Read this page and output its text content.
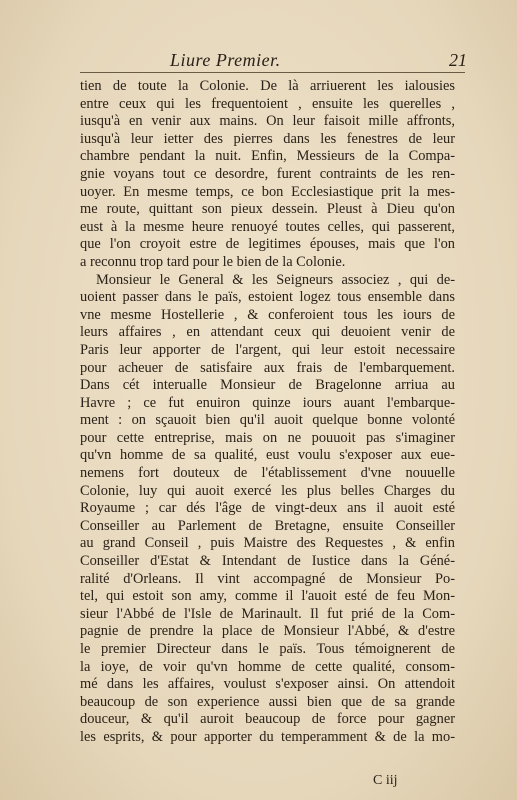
Liure Premier.	21
tien de toute la Colonie. De là arriuerent les ialousies
entre ceux qui les frequentoient , ensuite les querelles ,
iusqu'à en venir aux mains. On leur faisoit mille affronts,
iusqu'à leur ietter des pierres dans les fenestres de leur
chambre pendant la nuit. Enfin, Messieurs de la Compa-
gnie voyans tout ce desordre, furent contraints de les ren-
uoyer. En mesme temps, ce bon Ecclesiastique prit la mes-
me route, quittant son pieux dessein. Pleust à Dieu qu'on
eust à la mesme heure renuoyé toutes celles, qui passerent,
que l'on croyoit estre de legitimes épouses, mais que l'on
a reconnu trop tard pour le bien de la Colonie.
Monsieur le General & les Seigneurs associez , qui de-
uoient passer dans le païs, estoient logez tous ensemble dans
vne mesme Hostellerie , & conferoient tous les iours de
leurs affaires , en attendant ceux qui deuoient venir de
Paris leur apporter de l'argent, qui leur estoit necessaire
pour acheuer de satisfaire aux frais de l'embarquement.
Dans cét interualle Monsieur de Bragelonne arriua au
Havre ; ce fut enuiron quinze iours auant l'embarque-
ment : on sçauoit bien qu'il auoit quelque bonne volonté
pour cette entreprise, mais on ne pouuoit pas s'imaginer
qu'vn homme de sa qualité, eust voulu s'exposer aux eue-
nemens fort douteux de l'établissement d'vne nouuelle
Colonie, luy qui auoit exercé les plus belles Charges du
Royaume ; car dés l'âge de vingt-deux ans il auoit esté
Conseiller au Parlement de Bretagne, ensuite Conseiller
au grand Conseil , puis Maistre des Requestes , & enfin
Conseiller d'Estat & Intendant de Iustice dans la Géné-
ralité d'Orleans. Il vint accompagné de Monsieur Po-
tel, qui estoit son amy, comme il l'auoit esté de feu Mon-
sieur l'Abbé de l'Isle de Marinault. Il fut prié de la Com-
pagnie de prendre la place de Monsieur l'Abbé, & d'estre
le premier Directeur dans le païs. Tous témoignerent de
la ioye, de voir qu'vn homme de cette qualité, consom-
mé dans les affaires, voulust s'exposer ainsi. On attendoit
beaucoup de son experience aussi bien que de sa grande
douceur, & qu'il auroit beaucoup de force pour gagner
les esprits, & pour apporter du temperamment & de la mo-
C iij
